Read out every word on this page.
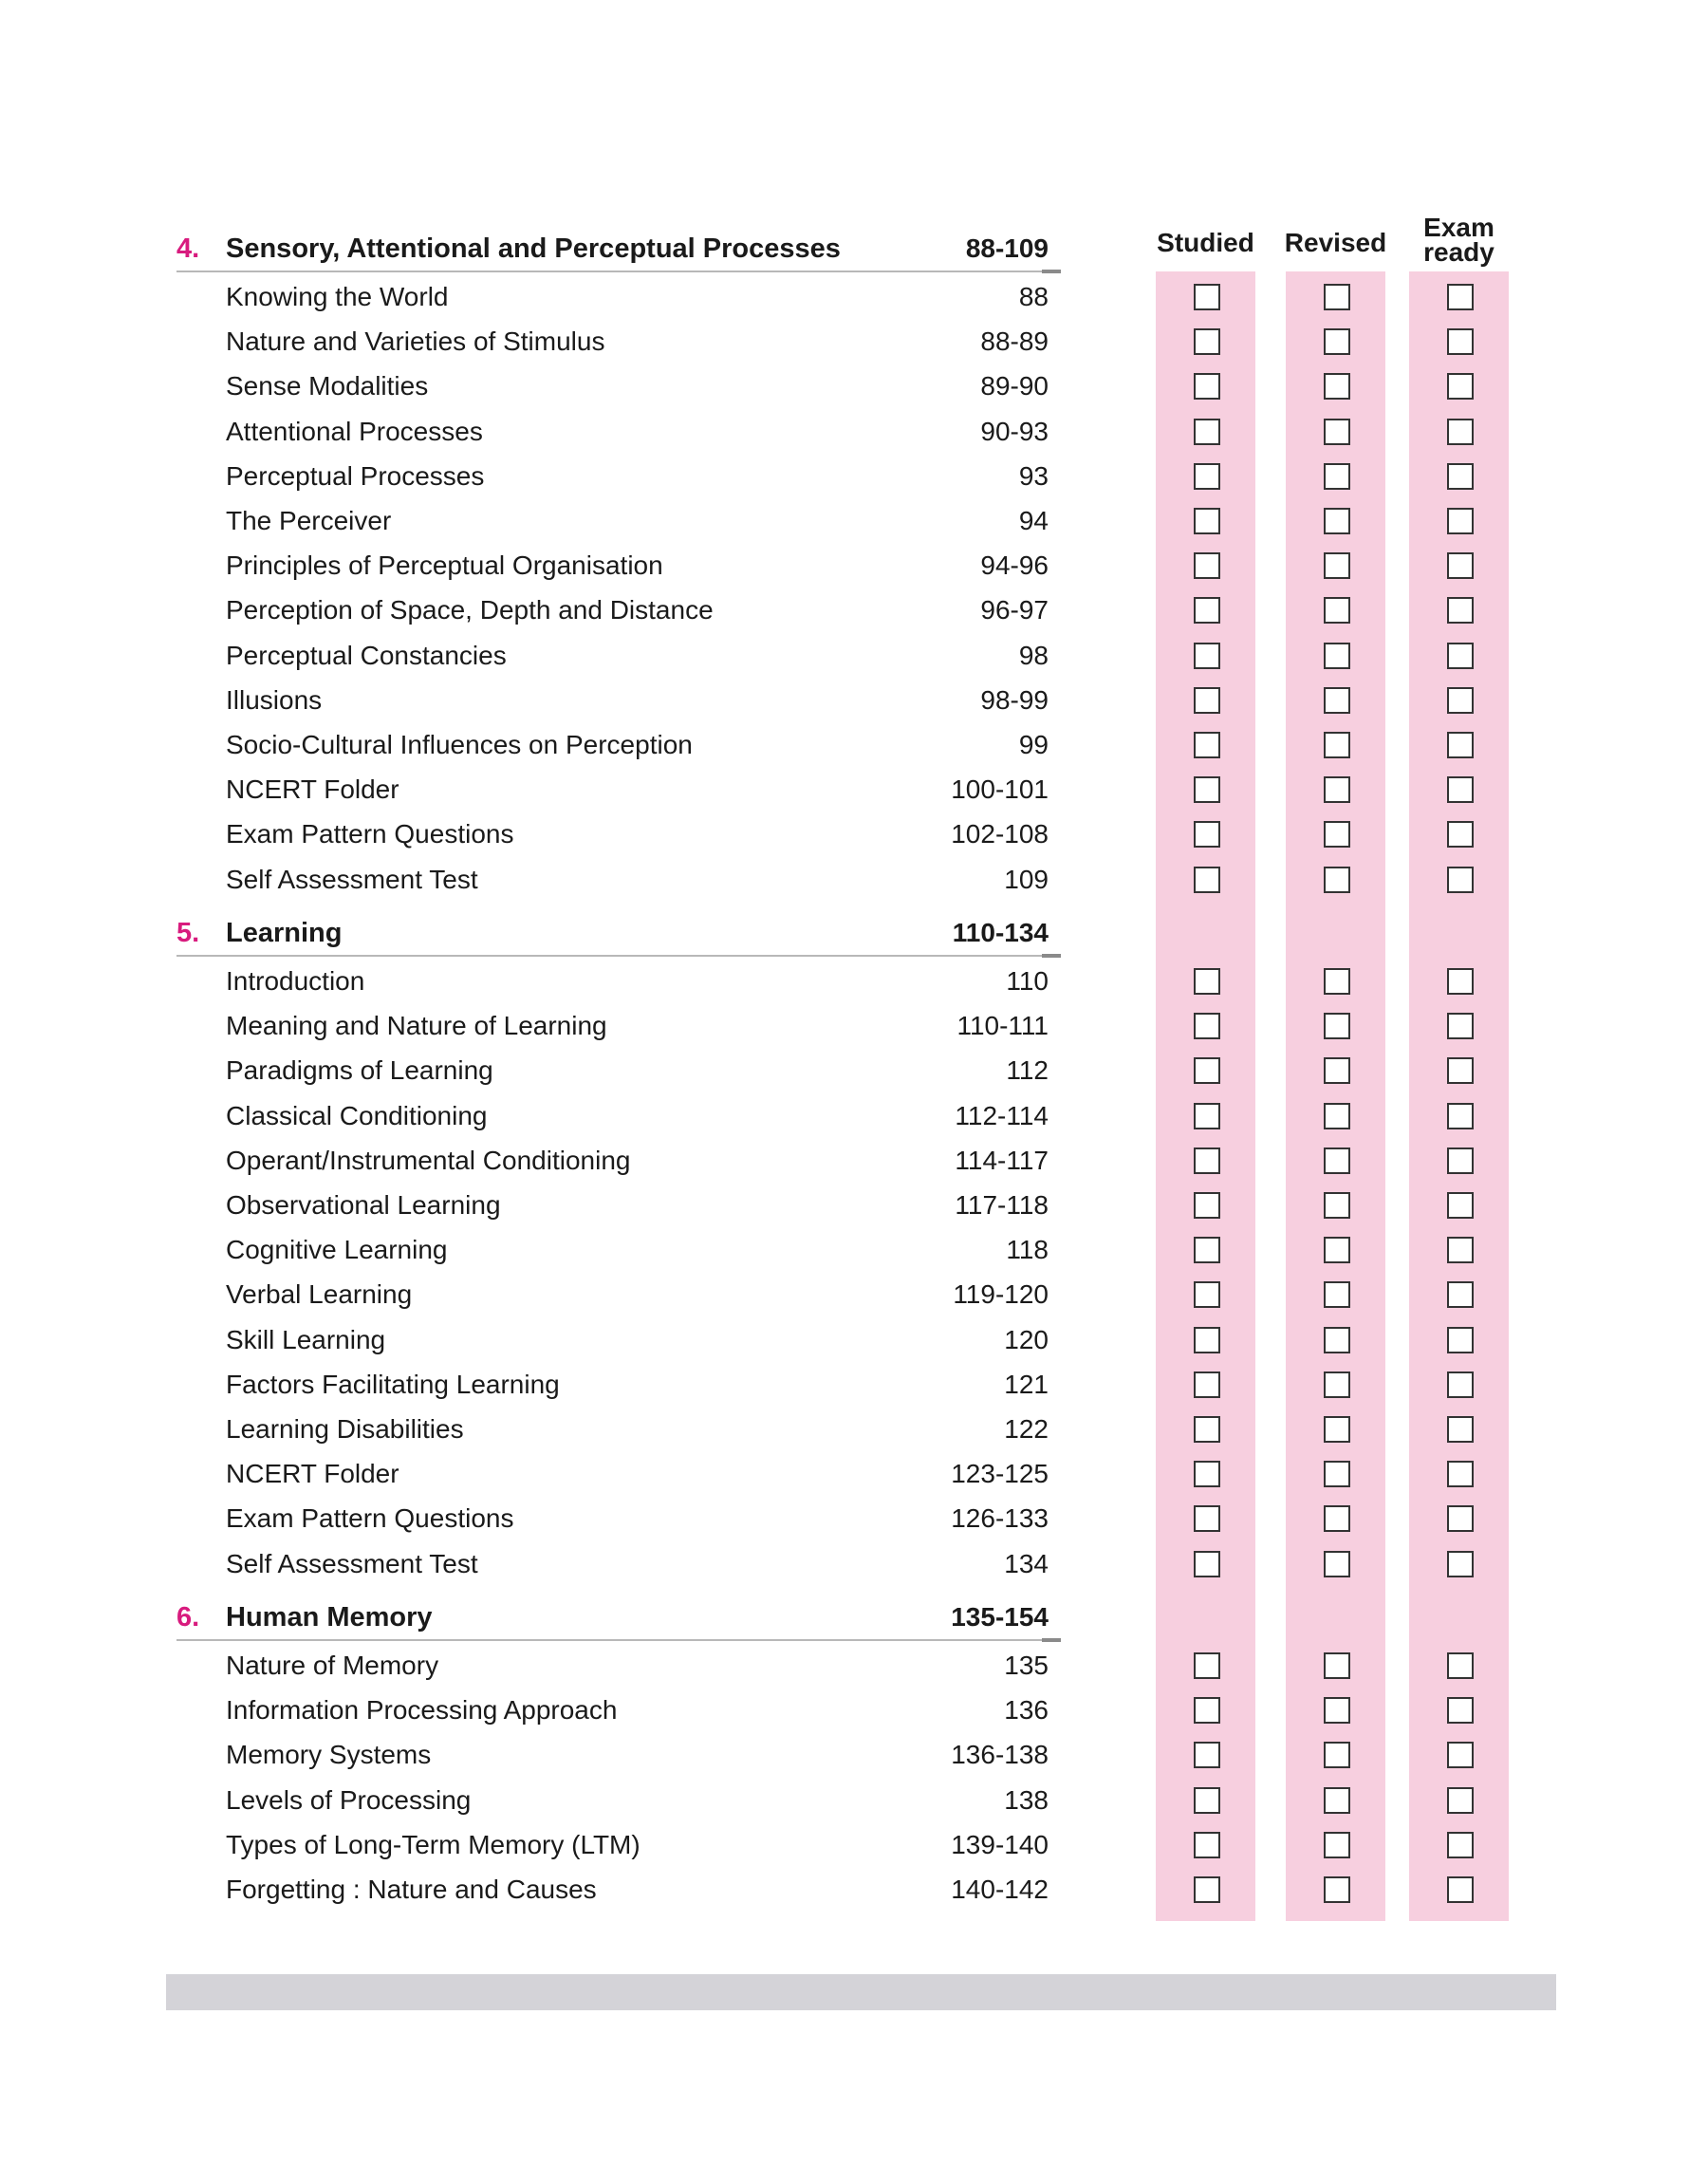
Studied	Revised
Exam
ready
4. Sensory, Attentional and Perceptual Processes	88-109
Knowing the World	88
Nature and Varieties of Stimulus	88-89
Sense Modalities	89-90
Attentional Processes	90-93
Perceptual Processes	93
The Perceiver	94
Principles of Perceptual Organisation	94-96
Perception of Space, Depth and Distance	96-97
Perceptual Constancies	98
Illusions	98-99
Socio-Cultural Influences on Perception	99
NCERT Folder	100-101
Exam Pattern Questions	102-108
Self Assessment Test	109
5. Learning	110-134
Introduction	110
Meaning and Nature of Learning	110-111
Paradigms of Learning	112
Classical Conditioning	112-114
Operant/Instrumental Conditioning	114-117
Observational Learning	117-118
Cognitive Learning	118
Verbal Learning	119-120
Skill Learning	120
Factors Facilitating Learning	121
Learning Disabilities	122
NCERT Folder	123-125
Exam Pattern Questions	126-133
Self Assessment Test	134
6. Human Memory	135-154
Nature of Memory	135
Information Processing Approach	136
Memory Systems	136-138
Levels of Processing	138
Types of Long-Term Memory (LTM)	139-140
Forgetting : Nature and Causes	140-142
